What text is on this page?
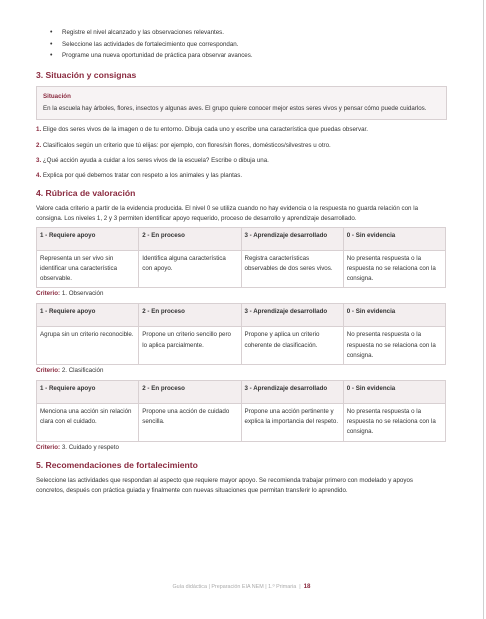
• Registre el nivel alcanzado y las observaciones relevantes.
• Seleccione las actividades de fortalecimiento que correspondan.
• Programe una nueva oportunidad de práctica para observar avances.
3. Situación y consignas
Situación
En la escuela hay árboles, flores, insectos y algunas aves. El grupo quiere conocer mejor estos seres vivos y pensar cómo puede cuidarlos.
1. Elige dos seres vivos de la imagen o de tu entorno. Dibuja cada uno y escribe una característica que puedas observar.
2. Clasifícalos según un criterio que tú elijas: por ejemplo, con flores/sin flores, domésticos/silvestres u otro.
3. ¿Qué acción ayuda a cuidar a los seres vivos de la escuela? Escribe o dibuja una.
4. Explica por qué debemos tratar con respeto a los animales y las plantas.
4. Rúbrica de valoración

Valore cada criterio a partir de la evidencia producida. El nivel 0 se utiliza cuando no hay evidencia o la respuesta no guarda relación con la consigna. Los niveles 1, 2 y 3 permiten identificar apoyo requerido, proceso de desarrollo y aprendizaje desarrollado.

1 - Requiere apoyo	2 - En proceso	3 - Aprendizaje desarrollado	0 - Sin evidencia
Representa un ser vivo sin identificar una característica observable.	Identifica alguna característica con apoyo.	Registra características observables de dos seres vivos.	No presenta respuesta o la respuesta no se relaciona con la consigna.
Criterio: 1. Observación
1 - Requiere apoyo	2 - En proceso	3 - Aprendizaje desarrollado	0 - Sin evidencia
Agrupa sin un criterio reconocible.	Propone un criterio sencillo pero lo aplica parcialmente.	Propone y aplica un criterio coherente de clasificación.	No presenta respuesta o la respuesta no se relaciona con la consigna.
Criterio: 2. Clasificación
1 - Requiere apoyo	2 - En proceso	3 - Aprendizaje desarrollado	0 - Sin evidencia
Menciona una acción sin relación clara con el cuidado.	Propone una acción de cuidado sencilla.	Propone una acción pertinente y explica la importancia del respeto.	No presenta respuesta o la respuesta no se relaciona con la consigna.
Criterio: 3. Cuidado y respeto
5. Recomendaciones de fortalecimiento

Seleccione las actividades que respondan al aspecto que requiere mayor apoyo. Se recomienda trabajar primero con modelado y apoyos concretos, después con práctica guiada y finalmente con nuevas situaciones que permitan transferir lo aprendido.

Guía didáctica | Preparación EIA NEM | 1.º Primaria | 18
